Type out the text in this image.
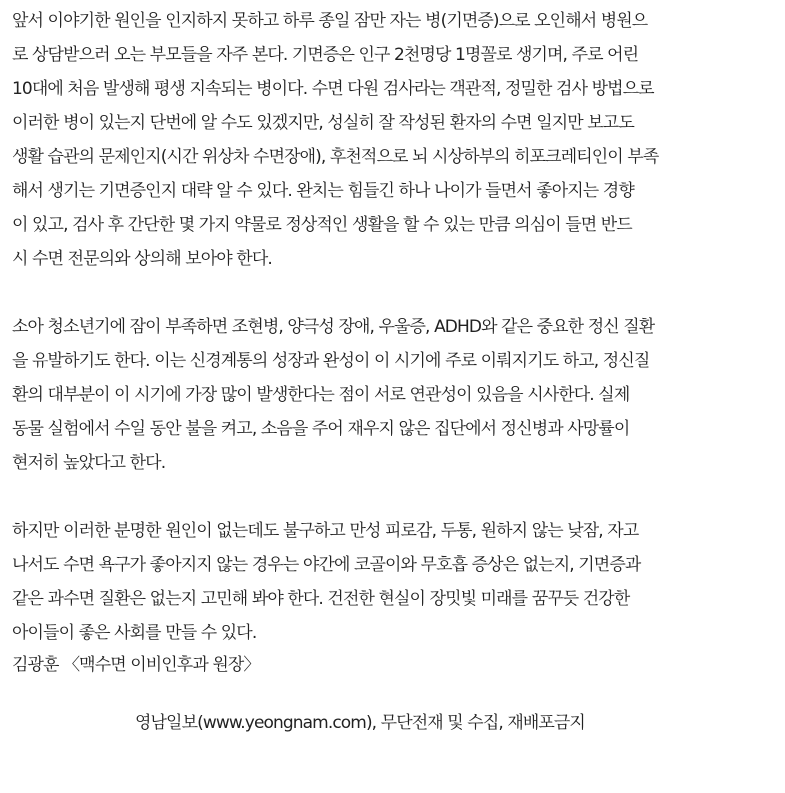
앞서 이야기한 원인을 인지하지 못하고 하루 종일 잠만 자는 병(기면증)으로 오인해서 병원으
로 상담받으러 오는 부모들을 자주 본다. 기면증은 인구 2천명당 1명꼴로 생기며, 주로 어린
10대에 처음 발생해 평생 지속되는 병이다. 수면 다원 검사라는 객관적, 정밀한 검사 방법으로
이러한 병이 있는지 단번에 알 수도 있겠지만, 성실히 잘 작성된 환자의 수면 일지만 보고도
생활 습관의 문제인지(시간 위상차 수면장애), 후천적으로 뇌 시상하부의 히포크레티인이 부족
해서 생기는 기면증인지 대략 알 수 있다. 완치는 힘들긴 하나 나이가 들면서 좋아지는 경향
이 있고, 검사 후 간단한 몇 가지 약물로 정상적인 생활을 할 수 있는 만큼 의심이 들면 반드
시 수면 전문의와 상의해 보아야 한다.
소아 청소년기에 잠이 부족하면 조현병, 양극성 장애, 우울증, ADHD와 같은 중요한 정신 질환
을 유발하기도 한다. 이는 신경계통의 성장과 완성이 이 시기에 주로 이뤄지기도 하고, 정신질
환의 대부분이 이 시기에 가장 많이 발생한다는 점이 서로 연관성이 있음을 시사한다. 실제
동물 실험에서 수일 동안 불을 켜고, 소음을 주어 재우지 않은 집단에서 정신병과 사망률이
현저히 높았다고 한다.
하지만 이러한 분명한 원인이 없는데도 불구하고 만성 피로감, 두통, 원하지 않는 낮잠, 자고
나서도 수면 욕구가 좋아지지 않는 경우는 야간에 코골이와 무호흡 증상은 없는지, 기면증과
같은 과수면 질환은 없는지 고민해 봐야 한다. 건전한 현실이 장밋빛 미래를 꿈꾸듯 건강한
아이들이 좋은 사회를 만들 수 있다.
김광훈 〈맥수면 이비인후과 원장〉
영남일보(www.yeongnam.com), 무단전재 및 수집, 재배포금지
